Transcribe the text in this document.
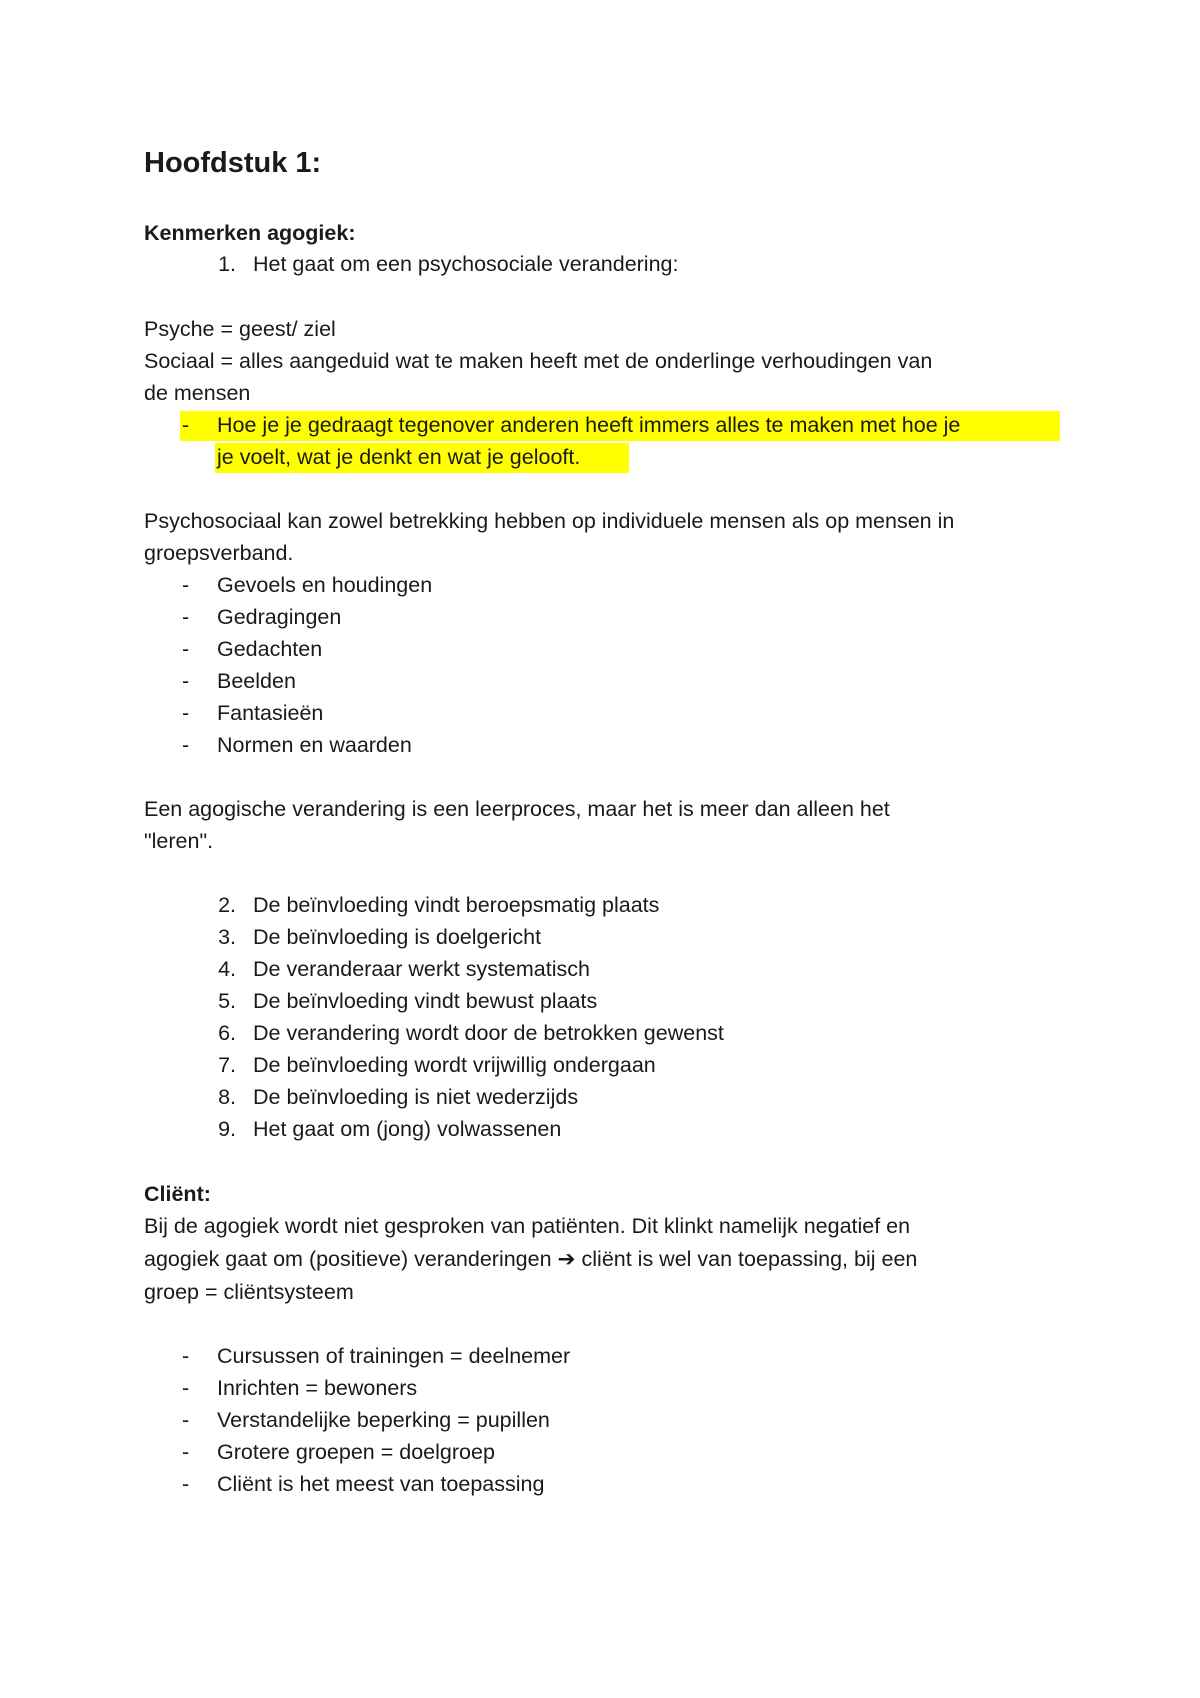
Hoofdstuk 1:
Kenmerken agogiek:
1. Het gaat om een psychosociale verandering:
Psyche = geest/ ziel
Sociaal = alles aangeduid wat te maken heeft met de onderlinge verhoudingen van
de mensen
- Hoe je je gedraagt tegenover anderen heeft immers alles te maken met hoe je
je voelt, wat je denkt en wat je gelooft.
Psychosociaal kan zowel betrekking hebben op individuele mensen als op mensen in
groepsverband.
- Gevoels en houdingen
- Gedragingen
- Gedachten
- Beelden
- Fantasieën
- Normen en waarden
Een agogische verandering is een leerproces, maar het is meer dan alleen het
"leren".
2. De beïnvloeding vindt beroepsmatig plaats
3. De beïnvloeding is doelgericht
4. De veranderaar werkt systematisch
5. De beïnvloeding vindt bewust plaats
6. De verandering wordt door de betrokken gewenst
7. De beïnvloeding wordt vrijwillig ondergaan
8. De beïnvloeding is niet wederzijds
9. Het gaat om (jong) volwassenen
Cliënt:
Bij de agogiek wordt niet gesproken van patiënten. Dit klinkt namelijk negatief en
agogiek gaat om (positieve) veranderingen ➔ cliënt is wel van toepassing, bij een
groep = cliëntsysteem
- Cursussen of trainingen = deelnemer
- Inrichten = bewoners
- Verstandelijke beperking = pupillen
- Grotere groepen = doelgroep
- Cliënt is het meest van toepassing
